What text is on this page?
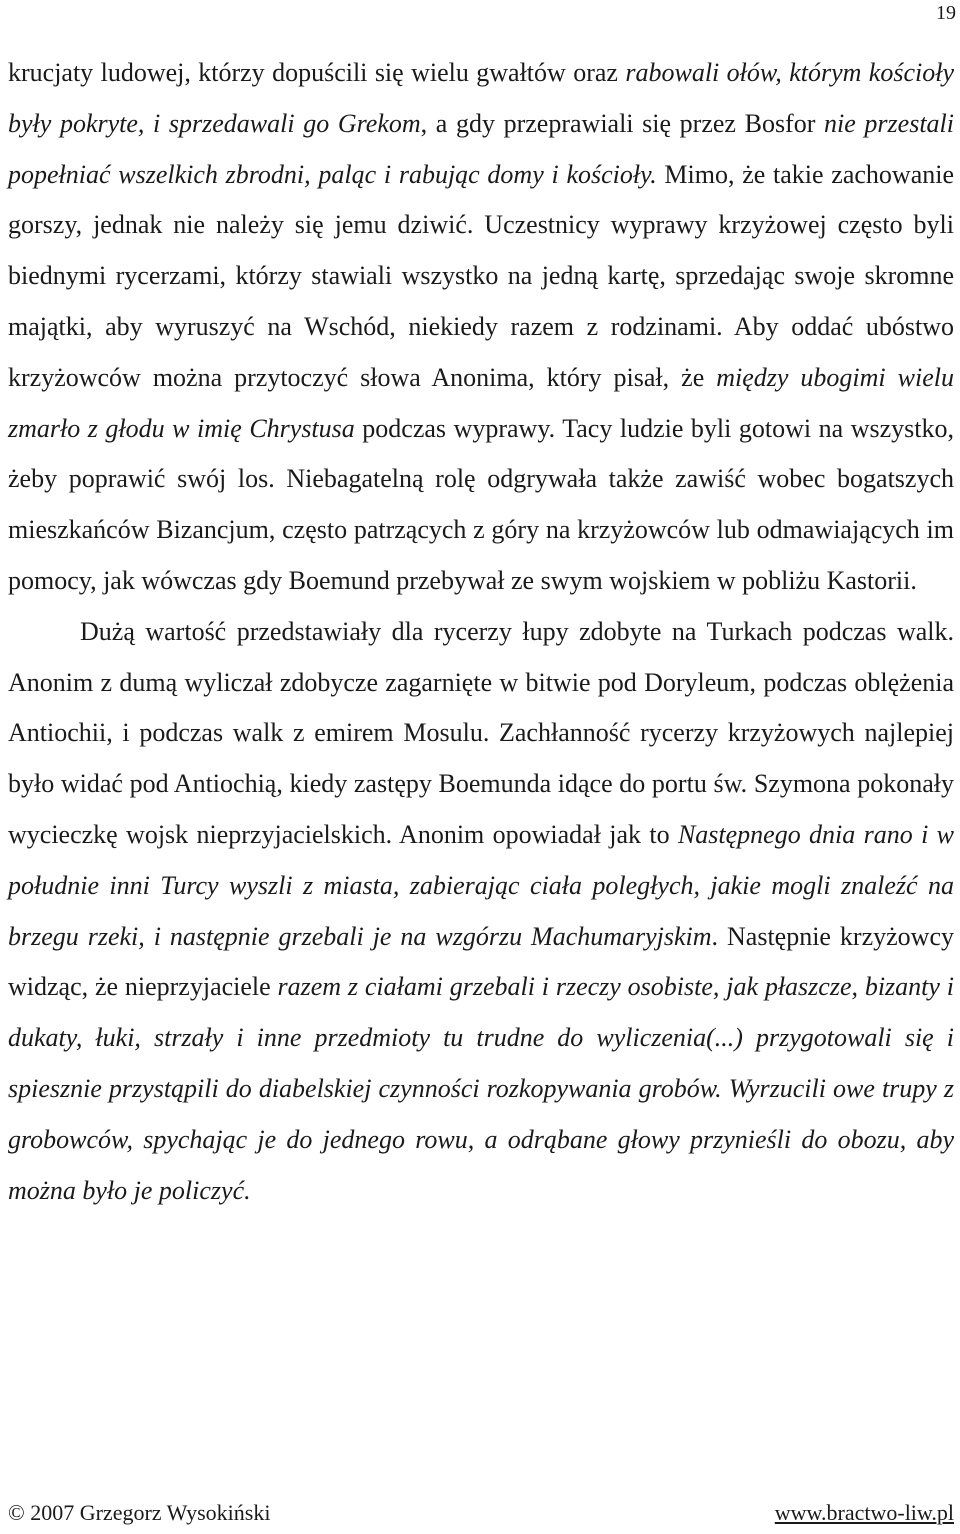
19

krucjaty ludowej, którzy dopuścili się wielu gwałtów oraz rabowali ołów, którym kościoły były pokryte, i sprzedawali go Grekom, a gdy przeprawiali się przez Bosfor nie przestali popełniać wszelkich zbrodni, paląc i rabując domy i kościoły. Mimo, że takie zachowanie gorszy, jednak nie należy się jemu dziwić. Uczestnicy wyprawy krzyżowej często byli biednymi rycerzami, którzy stawiali wszystko na jedną kartę, sprzedając swoje skromne majątki, aby wyruszyć na Wschód, niekiedy razem z rodzinami. Aby oddać ubóstwo krzyżowców można przytoczyć słowa Anonima, który pisał, że między ubogimi wielu zmarło z głodu w imię Chrystusa podczas wyprawy. Tacy ludzie byli gotowi na wszystko, żeby poprawić swój los. Niebagatelną rolę odgrywała także zawiść wobec bogatszych mieszkańców Bizancjum, często patrzących z góry na krzyżowców lub odmawiających im pomocy, jak wówczas gdy Boemund przebywał ze swym wojskiem w pobliżu Kastorii.

Dużą wartość przedstawiały dla rycerzy łupy zdobyte na Turkach podczas walk. Anonim z dumą wyliczał zdobycze zagarnięte w bitwie pod Doryleum, podczas oblężenia Antiochii, i podczas walk z emirem Mosulu. Zachłanność rycerzy krzyżowych najlepiej było widać pod Antiochią, kiedy zastępy Boemunda idące do portu św. Szymona pokonały wycieczkę wojsk nieprzyjacielskich. Anonim opowiadał jak to Następnego dnia rano i w południe inni Turcy wyszli z miasta, zabierając ciała poległych, jakie mogli znaleźć na brzegu rzeki, i następnie grzebali je na wzgórzu Machumaryjskim. Następnie krzyżowcy widząc, że nieprzyjaciele razem z ciałami grzebali i rzeczy osobiste, jak płaszcze, bizanty i dukaty, łuki, strzały i inne przedmioty tu trudne do wyliczenia(...) przygotowali się i spiesznie przystąpili do diabelskiej czynności rozkopywania grobów. Wyrzucili owe trupy z grobowców, spychając je do jednego rowu, a odrąbane głowy przynieśli do obozu, aby można było je policzyć.

© 2007 Grzegorz Wysokiński	www.bractwo-liw.pl
